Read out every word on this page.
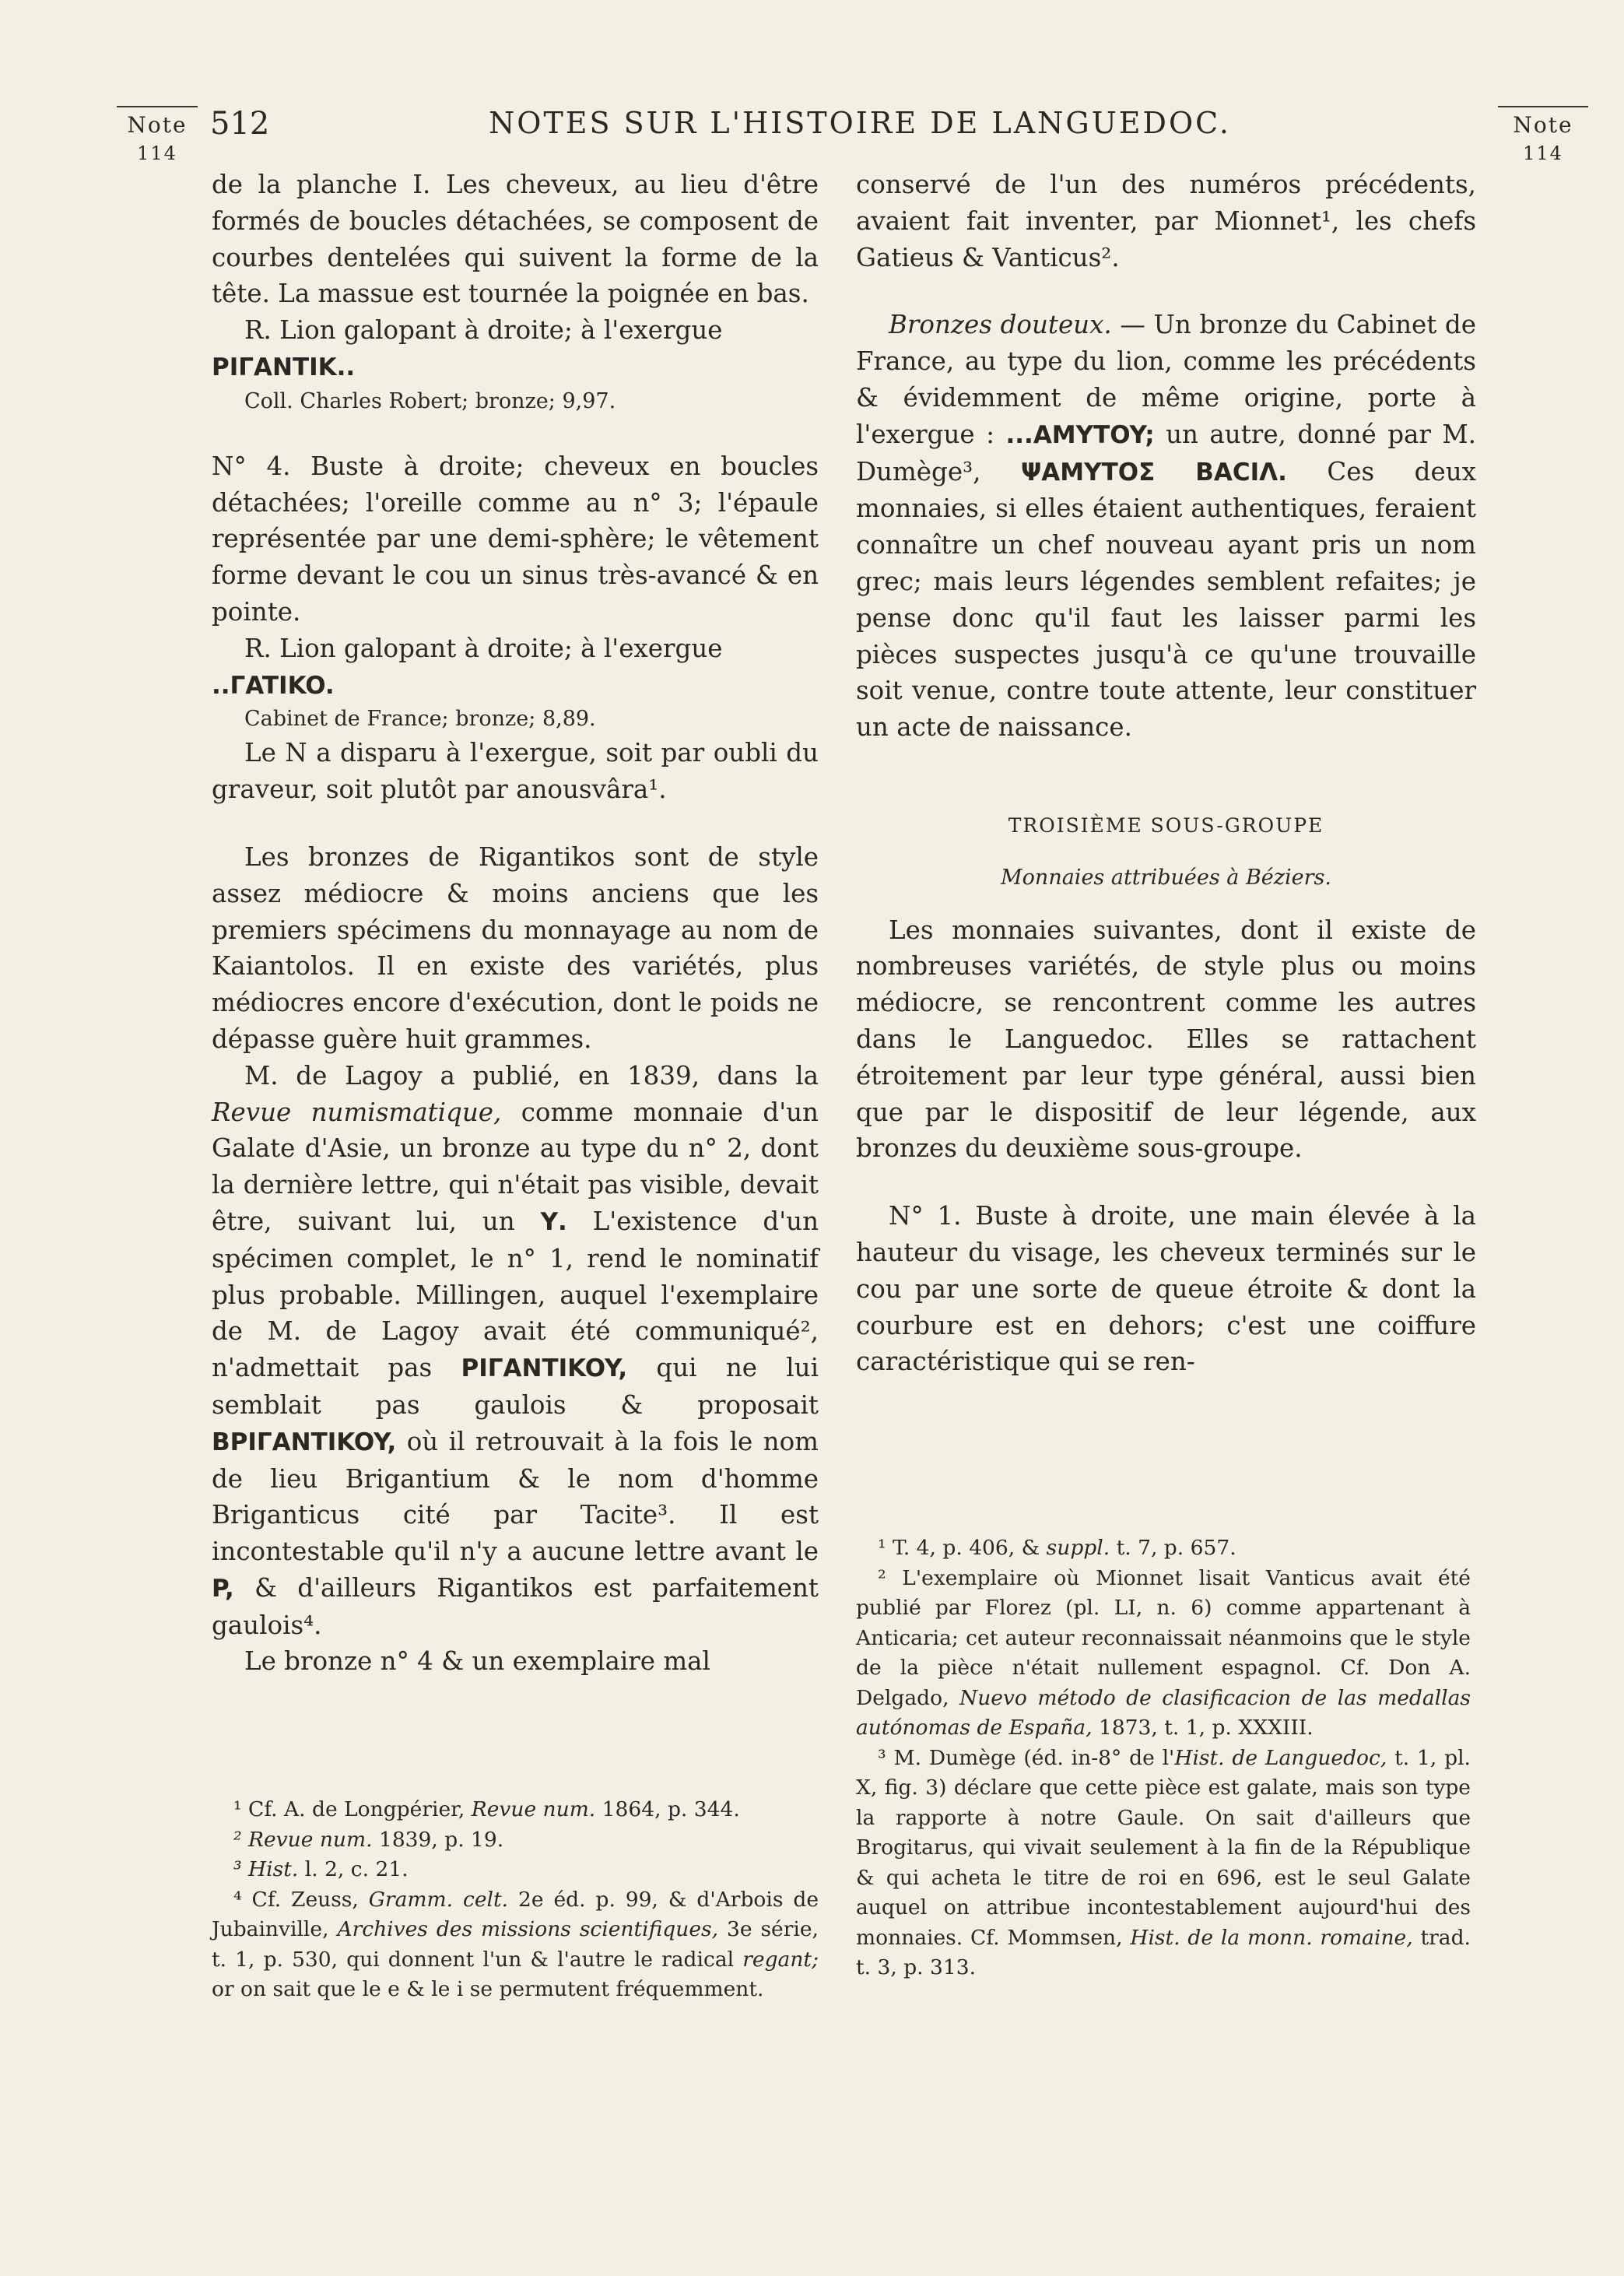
Note
114
Note
114
512	NOTES SUR L'HISTOIRE DE LANGUEDOC.

de la planche I. Les cheveux, au lieu d'être formés de boucles détachées, se composent de courbes dentelées qui suivent la forme de la tête. La massue est tournée la poignée en bas.

R. Lion galopant à droite; à l'exergue

PIΓANTIK..

Coll. Charles Robert; bronze; 9,97.

N° 4. Buste à droite; cheveux en boucles détachées; l'oreille comme au n° 3; l'épaule représentée par une demi-sphère; le vêtement forme devant le cou un sinus très-avancé & en pointe.

R. Lion galopant à droite; à l'exergue

..ΓATIKO.

Cabinet de France; bronze; 8,89.

Le N a disparu à l'exergue, soit par oubli du graveur, soit plutôt par anousvâra¹.

Les bronzes de Rigantikos sont de style assez médiocre & moins anciens que les premiers spécimens du monnayage au nom de Kaiantolos. Il en existe des variétés, plus médiocres encore d'exécution, dont le poids ne dépasse guère huit grammes.

M. de Lagoy a publié, en 1839, dans la Revue numismatique, comme monnaie d'un Galate d'Asie, un bronze au type du n° 2, dont la dernière lettre, qui n'était pas visible, devait être, suivant lui, un Υ. L'existence d'un spécimen complet, le n° 1, rend le nominatif plus probable. Millingen, auquel l'exemplaire de M. de Lagoy avait été communiqué², n'admettait pas PIΓANTIKOY, qui ne lui semblait pas gaulois & proposait BPIΓANTIKOY, où il retrouvait à la fois le nom de lieu Brigantium & le nom d'homme Briganticus cité par Tacite³. Il est incontestable qu'il n'y a aucune lettre avant le P, & d'ailleurs Rigantikos est parfaitement gaulois⁴.

Le bronze n° 4 & un exemplaire mal

¹ Cf. A. de Longpérier, Revue num. 1864, p. 344.

² Revue num. 1839, p. 19.

³ Hist. l. 2, c. 21.

⁴ Cf. Zeuss, Gramm. celt. 2e éd. p. 99, & d'Arbois de Jubainville, Archives des missions scientifiques, 3e série, t. 1, p. 530, qui donnent l'un & l'autre le radical regant; or on sait que le e & le i se permutent fréquemment.

conservé de l'un des numéros précédents, avaient fait inventer, par Mionnet¹, les chefs Gatieus & Vanticus².

Bronzes douteux. — Un bronze du Cabinet de France, au type du lion, comme les précédents & évidemment de même origine, porte à l'exergue : ...AMYTOY; un autre, donné par M. Dumège³, ΨAMYTOΣ BACIΛ. Ces deux monnaies, si elles étaient authentiques, feraient connaître un chef nouveau ayant pris un nom grec; mais leurs légendes semblent refaites; je pense donc qu'il faut les laisser parmi les pièces suspectes jusqu'à ce qu'une trouvaille soit venue, contre toute attente, leur constituer un acte de naissance.

TROISIÈME SOUS-GROUPE

Monnaies attribuées à Béziers.

Les monnaies suivantes, dont il existe de nombreuses variétés, de style plus ou moins médiocre, se rencontrent comme les autres dans le Languedoc. Elles se rattachent étroitement par leur type général, aussi bien que par le dispositif de leur légende, aux bronzes du deuxième sous-groupe.

N° 1. Buste à droite, une main élevée à la hauteur du visage, les cheveux terminés sur le cou par une sorte de queue étroite & dont la courbure est en dehors; c'est une coiffure caractéristique qui se ren-

¹ T. 4, p. 406, & suppl. t. 7, p. 657.

² L'exemplaire où Mionnet lisait Vanticus avait été publié par Florez (pl. LI, n. 6) comme appartenant à Anticaria; cet auteur reconnaissait néanmoins que le style de la pièce n'était nullement espagnol. Cf. Don A. Delgado, Nuevo método de clasificacion de las medallas autónomas de España, 1873, t. 1, p. XXXIII.

³ M. Dumège (éd. in-8° de l'Hist. de Languedoc, t. 1, pl. X, fig. 3) déclare que cette pièce est galate, mais son type la rapporte à notre Gaule. On sait d'ailleurs que Brogitarus, qui vivait seulement à la fin de la République & qui acheta le titre de roi en 696, est le seul Galate auquel on attribue incontestablement aujourd'hui des monnaies. Cf. Mommsen, Hist. de la monn. romaine, trad. t. 3, p. 313.
